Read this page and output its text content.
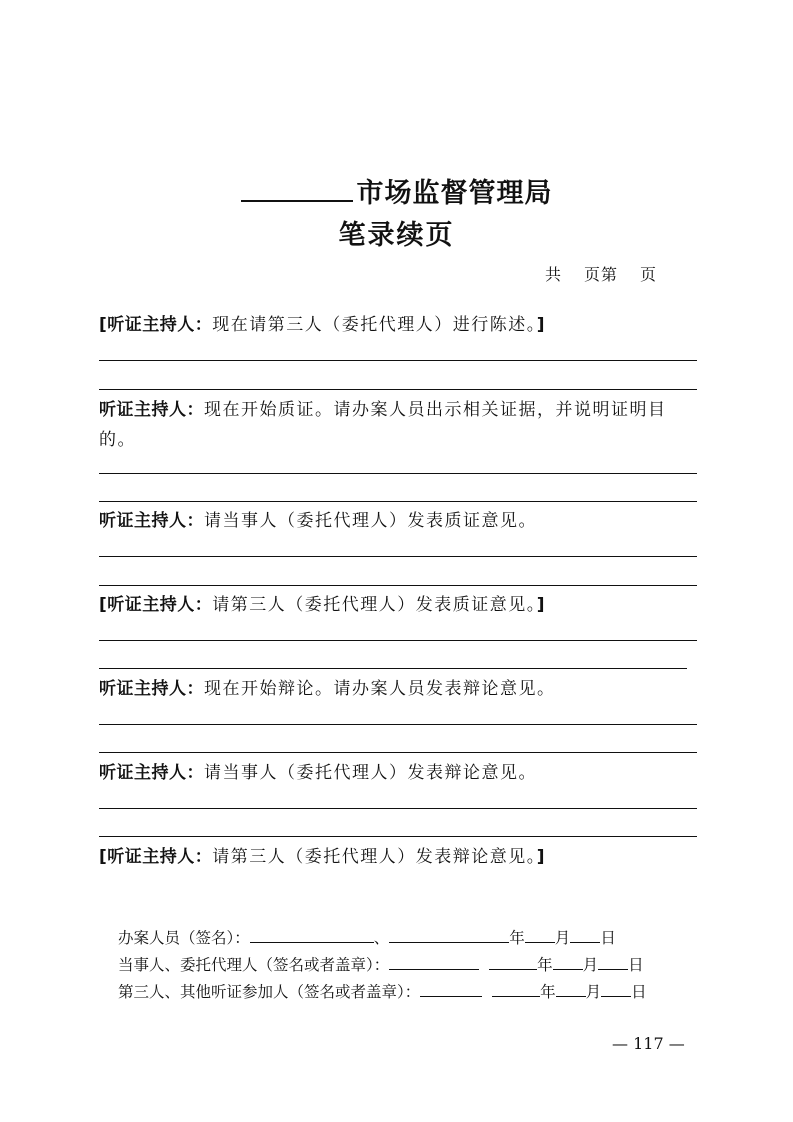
市场监督管理局
笔录续页
共 页第 页
[听证主持人：现在请第三人（委托代理人）进行陈述。]
听证主持人：现在开始质证。请办案人员出示相关证据，并说明证明目的。
听证主持人：请当事人（委托代理人）发表质证意见。
[听证主持人：请第三人（委托代理人）发表质证意见。]
听证主持人：现在开始辩论。请办案人员发表辩论意见。
听证主持人：请当事人（委托代理人）发表辩论意见。
[听证主持人：请第三人（委托代理人）发表辩论意见。]
办案人员（签名）：	、	年 月 日
当事人、委托代理人（签名或者盖章）：	年 月 日
第三人、其他听证参加人（签名或者盖章）：	年 月 日
— 117 —
